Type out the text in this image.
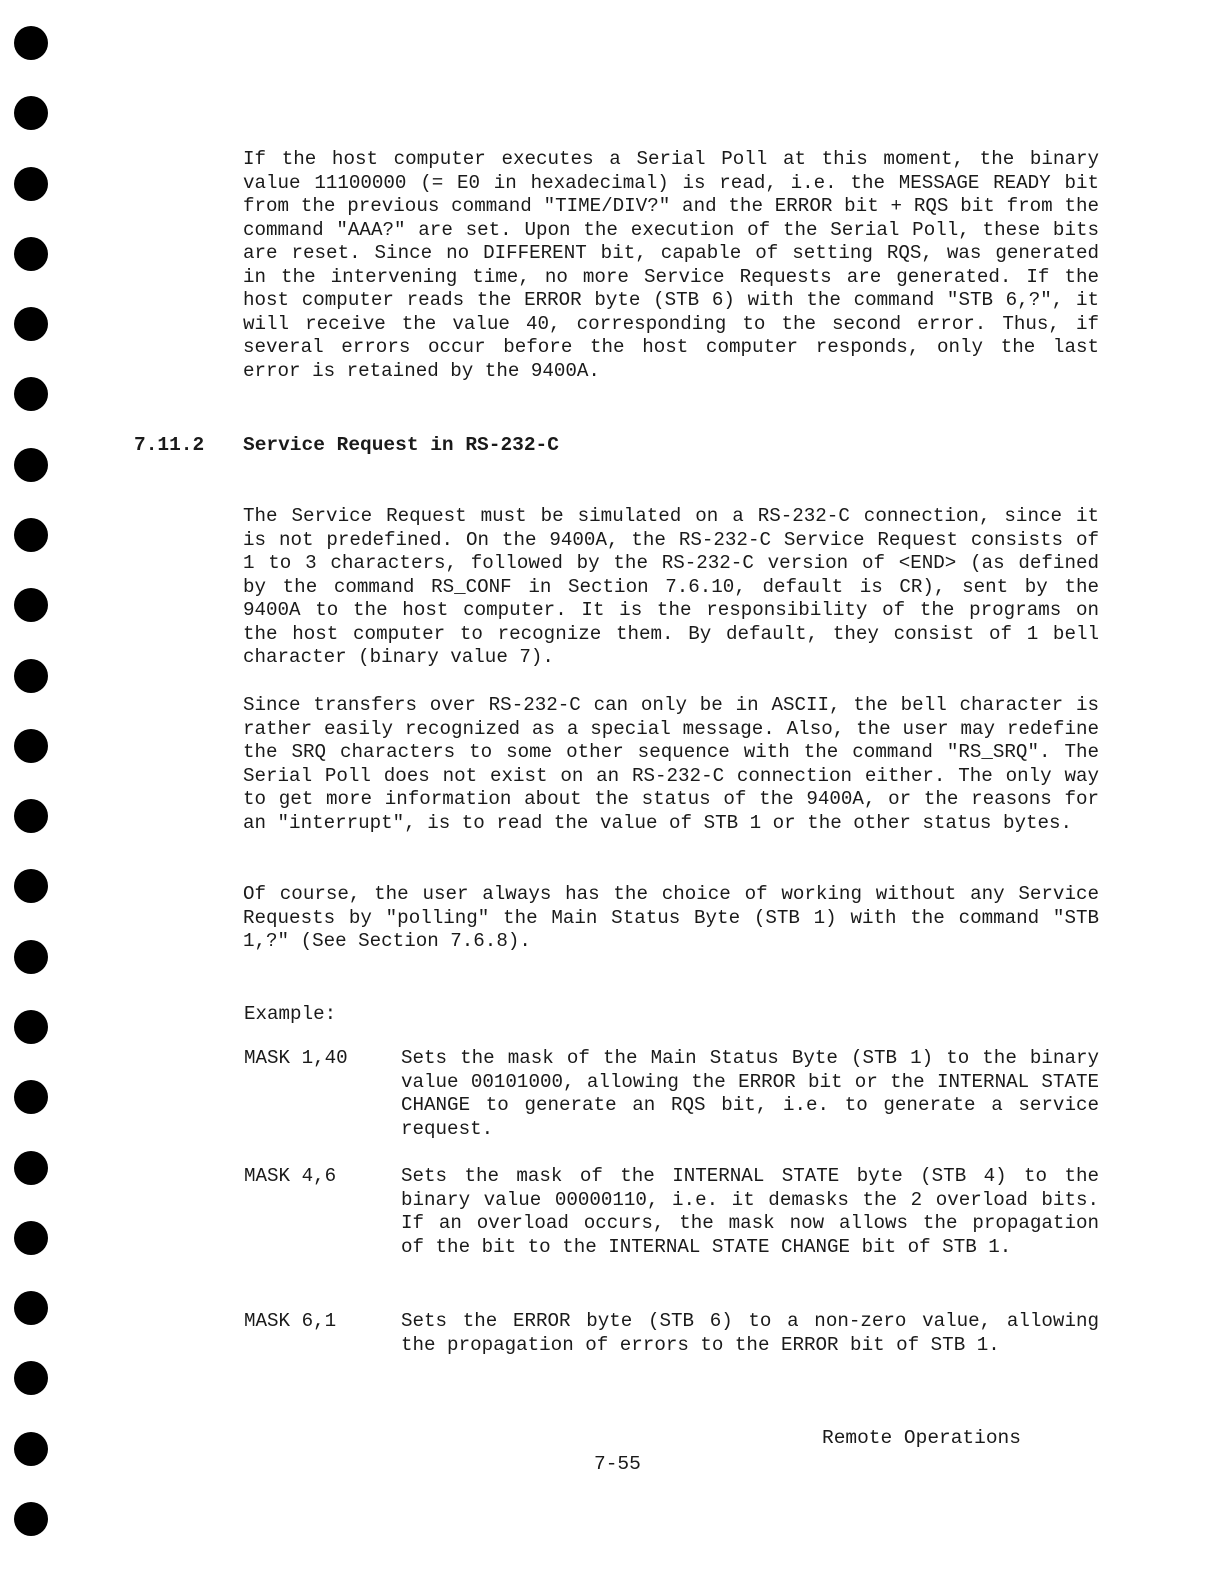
If the host computer executes a Serial Poll at this moment, the binary value 11100000 (= E0 in hexadecimal) is read, i.e. the MESSAGE READY bit from the previous command "TIME/DIV?" and the ERROR bit + RQS bit from the command "AAA?" are set. Upon the execution of the Serial Poll, these bits are reset. Since no DIFFERENT bit, capable of setting RQS, was generated in the intervening time, no more Service Requests are generated. If the host computer reads the ERROR byte (STB 6) with the command "STB 6,?", it will receive the value 40, corresponding to the second error. Thus, if several errors occur before the host computer responds, only the last error is retained by the 9400A.

7.11.2 Service Request in RS-232-C

The Service Request must be simulated on a RS-232-C connection, since it is not predefined. On the 9400A, the RS-232-C Service Request consists of 1 to 3 characters, followed by the RS-232-C version of <END> (as defined by the command RS_CONF in Section 7.6.10, default is CR), sent by the 9400A to the host computer. It is the responsibility of the programs on the host computer to recognize them. By default, they consist of 1 bell character (binary value 7).

Since transfers over RS-232-C can only be in ASCII, the bell character is rather easily recognized as a special message. Also, the user may redefine the SRQ characters to some other sequence with the command "RS_SRQ". The Serial Poll does not exist on an RS-232-C connection either. The only way to get more information about the status of the 9400A, or the reasons for an "interrupt", is to read the value of STB 1 or the other status bytes.

Of course, the user always has the choice of working without any Service Requests by "polling" the Main Status Byte (STB 1) with the command "STB 1,?" (See Section 7.6.8).

Example:
MASK 1,40	Sets the mask of the Main Status Byte (STB 1) to the binary value 00101000, allowing the ERROR bit or the INTERNAL STATE CHANGE to generate an RQS bit, i.e. to generate a service request.

MASK 4,6	Sets the mask of the INTERNAL STATE byte (STB 4) to the binary value 00000110, i.e. it demasks the 2 overload bits. If an overload occurs, the mask now allows the propagation of the bit to the INTERNAL STATE CHANGE bit of STB 1.

MASK 6,1	Sets the ERROR byte (STB 6) to a non-zero value, allowing the propagation of errors to the ERROR bit of STB 1.

Remote Operations
7-55
